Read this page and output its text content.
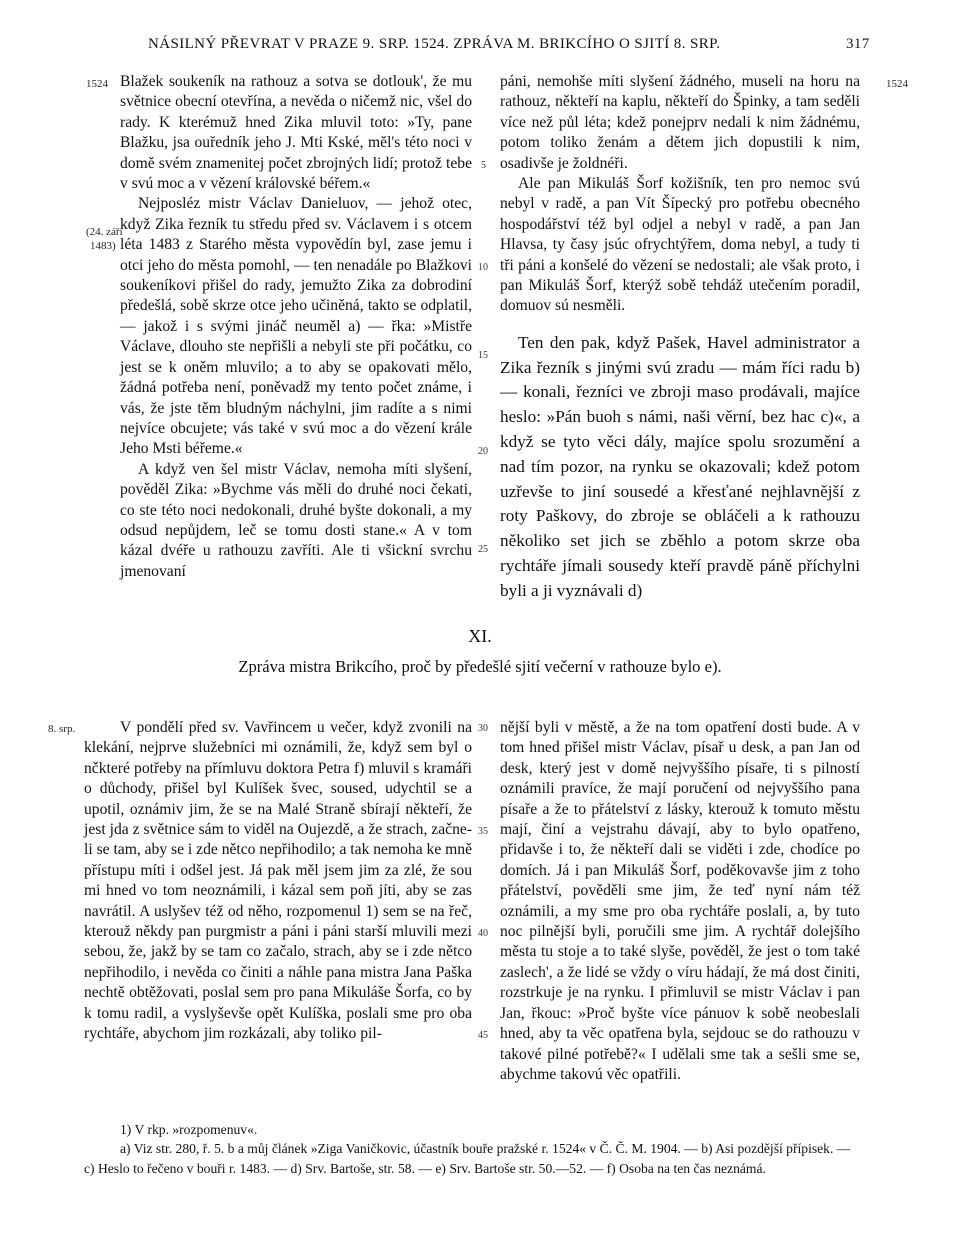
NÁSILNÝ PŘEVRAT V PRAZE 9. SRP. 1524. ZPRÁVA M. BRIKCÍHO O SJITÍ 8. SRP.	317
1524	1524
(24. září
1483)
8. srp.
5
10
15
20
25
30
35
40
45

Blažek soukeník na rathouz a sotva se dotlouk', že mu světnice obecní otevřína, a nevěda o ničemž nic, všel do rady. K kterémuž hned Zika mluvil toto: »Ty, pane Blažku, jsa ouředník jeho J. Mti Kské, měl's této noci v domě svém znamenitej počet zbrojných lidí; protož tebe v svú moc a v vězení královské béřem.«

Nejposléz mistr Václav Danieluov, — jehož otec, když Zika řezník tu středu před sv. Václavem i s otcem léta 1483 z Starého města vypovědín byl, zase jemu i otci jeho do města pomohl, — ten nenadále po Blažkovi soukeníkovi přišel do rady, jemužto Zika za dobrodiní předešlá, sobě skrze otce jeho učiněná, takto se odplatil, — jakož i s svými jináč neuměl a) — řka: »Mistře Václave, dlouho ste nepřišli a nebyli ste při počátku, co jest se k oněm mluvilo; a to aby se opakovati mělo, žádná potřeba není, poněvadž my tento počet známe, i vás, že jste těm bludným náchylni, jim radíte a s nimi nejvíce obcujete; vás také v svú moc a do vězení krále Jeho Msti béřeme.«

A když ven šel mistr Václav, nemoha míti slyšení, pověděl Zika: »Bychme vás měli do druhé noci čekati, co ste této noci nedokonali, druhé byšte dokonali, a my odsud nepůjdem, leč se tomu dosti stane.« A v tom kázal dvéře u rathouzu zavříti. Ale ti všickní svrchu jmenovaní

páni, nemohše míti slyšení žádného, museli na horu na rathouz, někteří na kaplu, někteří do Špinky, a tam seděli více než půl léta; kdež ponejprv nedali k nim žádnému, potom toliko ženám a dětem jich dopustili k nim, osadivše je žoldnéři.

Ale pan Mikuláš Šorf kožišník, ten pro nemoc svú nebyl v radě, a pan Vít Šípecký pro potřebu obecného hospodářství též byl odjel a nebyl v radě, a pan Jan Hlavsa, ty časy jsúc ofrychtýřem, doma nebyl, a tudy ti tři páni a konšelé do vězení se nedostali; ale však proto, i pan Mikuláš Šorf, kterýž sobě tehdáž utečením poradil, domuov sú nesměli.

Ten den pak, když Pašek, Havel administrator a Zika řezník s jinými svú zradu — mám říci radu b) — konali, řezníci ve zbroji maso prodávali, majíce heslo: »Pán buoh s námi, naši věrní, bez hac c)«, a když se tyto věci dály, majíce spolu srozumění a nad tím pozor, na rynku se okazovali; kdež potom uzřevše to jiní sousedé a křesťané nejhlavnější z roty Paškovy, do zbroje se obláčeli a k rathouzu několiko set jich se zběhlo a potom skrze oba rychtáře jímali sousedy kteří pravdě páně příchylni byli a ji vyznávali d)

XI.
Zpráva mistra Brikcího, proč by předešlé sjití večerní v rathouze bylo e).

V pondělí před sv. Vavřincem u večer, když zvonili na klekání, nejprve služebníci mi oznámili, že, když sem byl o nčkteré potřeby na přímluvu doktora Petra f) mluvil s kramáři o důchody, přišel byl Kulíšek švec, soused, udychtil se a upotil, oznámiv jim, že se na Malé Straně sbírají někteří, že jest jda z světnice sám to viděl na Oujezdě, a že strach, začne-li se tam, aby se i zde nětco nepřihodilo; a tak nemoha ke mně přístupu míti i odšel jest. Já pak měl jsem jim za zlé, že sou mi hned vo tom neoznámili, i kázal sem poň jíti, aby se zas navrátil. A uslyšev též od něho, rozpomenul 1) sem se na řeč, kterouž někdy pan purgmistr a páni i páni starší mluvili mezi sebou, že, jakž by se tam co začalo, strach, aby se i zde nětco nepřihodilo, i nevěda co činiti a náhle pana mistra Jana Paška nechtě obtěžovati, poslal sem pro pana Mikuláše Šorfa, co by k tomu radil, a vyslyševše opět Kulíška, poslali sme pro oba rychtáře, abychom jim rozkázali, aby toliko pil-

nější byli v městě, a že na tom opatření dosti bude. A v tom hned přišel mistr Václav, písař u desk, a pan Jan od desk, který jest v domě nejvyššího písaře, ti s pilností oznámili pravíce, že mají poručení od nejvyššího pana písaře a že to přátelství z lásky, kterouž k tomuto městu mají, činí a vejstrahu dávají, aby to bylo opatřeno, přidavše i to, že někteří dali se viděti i zde, chodíce po domích. Já i pan Mikuláš Šorf, poděkovavše jim z toho přátelství, pověděli sme jim, že teď nyní nám též oznámili, a my sme pro oba rychtáře poslali, a, by tuto noc pilnější byli, poručili sme jim. A rychtář dolejšího města tu stoje a to také slyše, pověděl, že jest o tom také zaslech', a že lidé se vždy o víru hádají, že má dost činiti, rozstrkuje je na rynku. I přimluvil se mistr Václav i pan Jan, řkouc: »Proč byšte více pánuov k sobě neobeslali hned, aby ta věc opatřena byla, sejdouc se do rathouzu v takové pilné potřebě?« I udělali sme tak a sešli sme se, abychme takovú věc opatřili.

1) V rkp. »rozpomenuv«.

a) Viz str. 280, ř. 5. b a můj článek »Ziga Vaničkovic, účastník bouře pražské r. 1524« v Č. Č. M. 1904. — b) Asi pozdější přípisek. — c) Heslo to řečeno v bouři r. 1483. — d) Srv. Bartoše, str. 58. — e) Srv. Bartoše str. 50.—52. — f) Osoba na ten čas neznámá.
